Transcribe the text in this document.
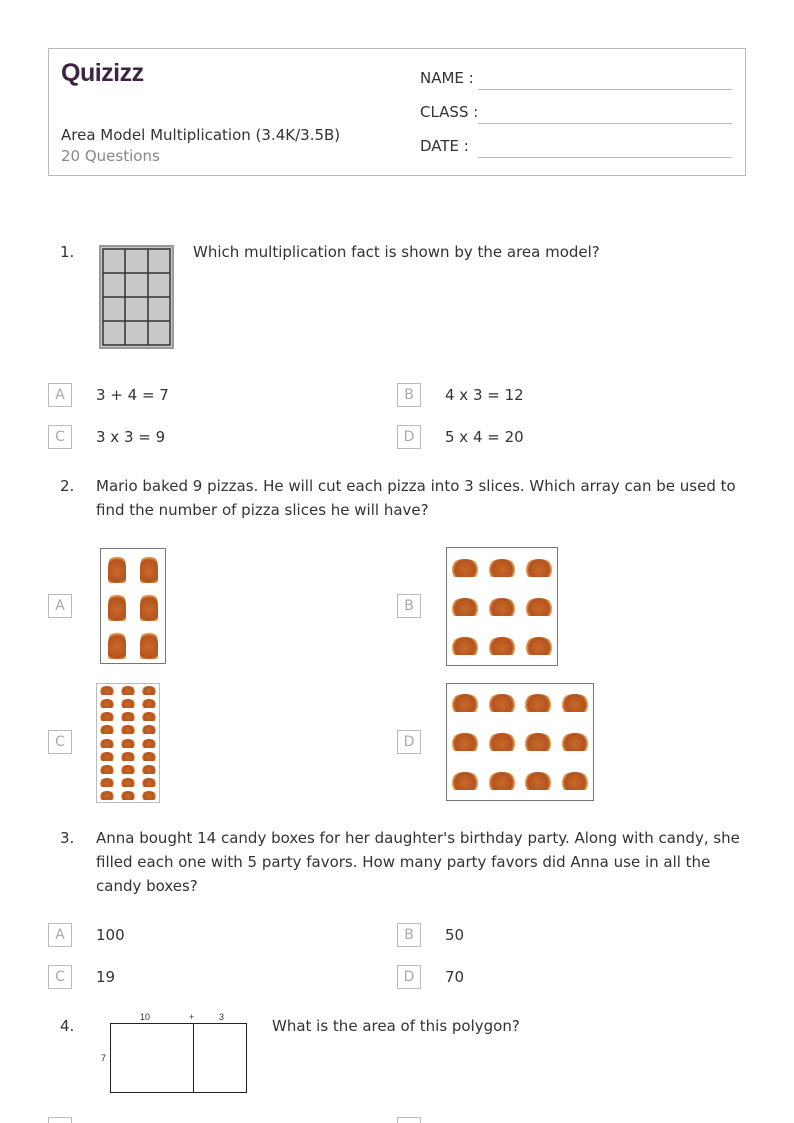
Quizizz
Area Model Multiplication (3.4K/3.5B)
20 Questions
NAME :
CLASS :
DATE :
1.	Which multiplication fact is shown by the area model?
A	3 + 4 = 7	B	4 x 3 = 12
C	3 x 3 = 9	D	5 x 4 = 20
2. Mario baked 9 pizzas. He will cut each pizza into 3 slices. Which array can be used to find the number of pizza slices he will have?
A	B
C	D
3. Anna bought 14 candy boxes for her daughter's birthday party. Along with candy, she filled each one with 5 party favors. How many party favors did Anna use in all the candy boxes?
A	100	B	50
C	19	D	70
4.	10	+	3
7
What is the area of this polygon?
